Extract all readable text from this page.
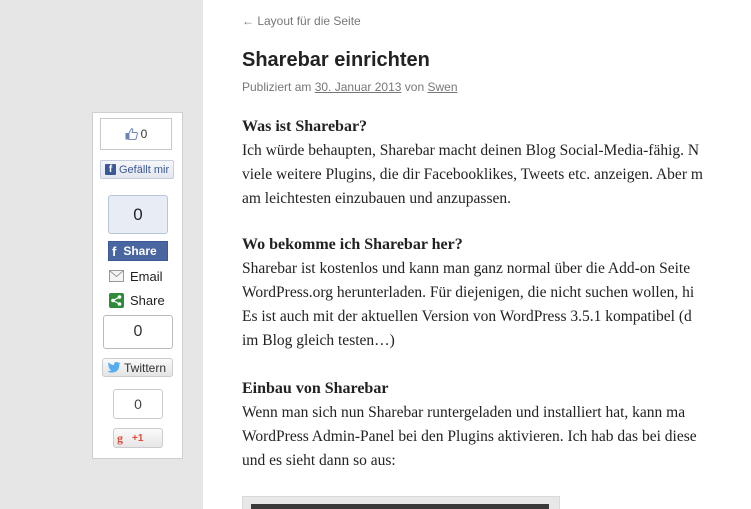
0
f Gefällt mir
0
f Share
Email
Share
0
Twittern
0
g +1
← Layout für die Seite
Sharebar einrichten
Publiziert am 30. Januar 2013 von Swen
Was ist Sharebar?

Ich würde behaupten, Sharebar macht deinen Blog Social-Media-fähig. N

viele weitere Plugins, die dir Facebooklikes, Tweets etc. anzeigen. Aber m

am leichtesten einzubauen und anzupassen.

Wo bekomme ich Sharebar her?

Sharebar ist kostenlos und kann man ganz normal über die Add-on Seite

WordPress.org herunterladen. Für diejenigen, die nicht suchen wollen, hi

Es ist auch mit der aktuellen Version von WordPress 3.5.1 kompatibel (d

im Blog gleich testen…)

Einbau von Sharebar

Wenn man sich nun Sharebar runtergeladen und installiert hat, kann ma

WordPress Admin-Panel bei den Plugins aktivieren. Ich hab das bei diese

und es sieht dann so aus:
